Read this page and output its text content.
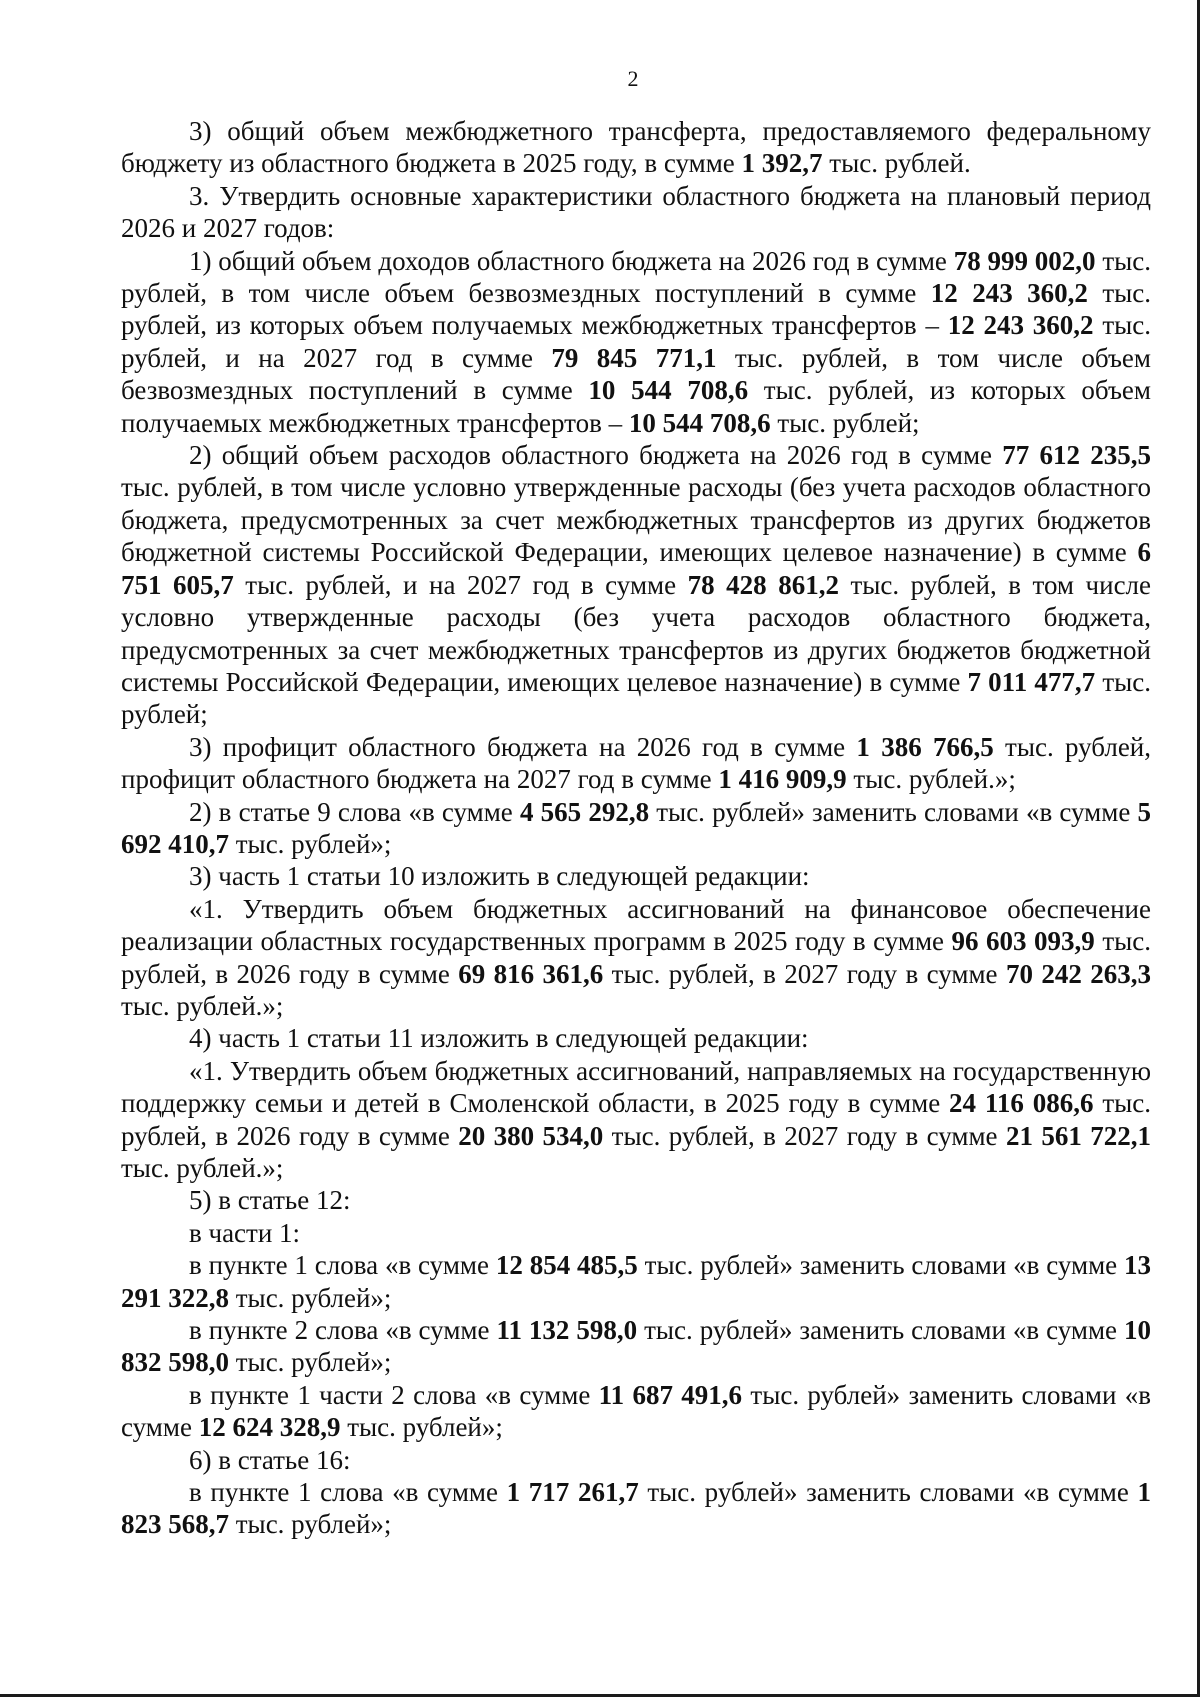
2

3) общий объем межбюджетного трансферта, предоставляемого федеральному бюджету из областного бюджета в 2025 году, в сумме 1 392,7 тыс. рублей.

3. Утвердить основные характеристики областного бюджета на плановый период 2026 и 2027 годов:

1) общий объем доходов областного бюджета на 2026 год в сумме 78 999 002,0 тыс. рублей, в том числе объем безвозмездных поступлений в сумме 12 243 360,2 тыс. рублей, из которых объем получаемых межбюджетных трансфертов – 12 243 360,2 тыс. рублей, и на 2027 год в сумме 79 845 771,1 тыс. рублей, в том числе объем безвозмездных поступлений в сумме 10 544 708,6 тыс. рублей, из которых объем получаемых межбюджетных трансфертов – 10 544 708,6 тыс. рублей;

2) общий объем расходов областного бюджета на 2026 год в сумме 77 612 235,5 тыс. рублей, в том числе условно утвержденные расходы (без учета расходов областного бюджета, предусмотренных за счет межбюджетных трансфертов из других бюджетов бюджетной системы Российской Федерации, имеющих целевое назначение) в сумме 6 751 605,7 тыс. рублей, и на 2027 год в сумме 78 428 861,2 тыс. рублей, в том числе условно утвержденные расходы (без учета расходов областного бюджета, предусмотренных за счет межбюджетных трансфертов из других бюджетов бюджетной системы Российской Федерации, имеющих целевое назначение) в сумме 7 011 477,7 тыс. рублей;

3) профицит областного бюджета на 2026 год в сумме 1 386 766,5 тыс. рублей, профицит областного бюджета на 2027 год в сумме 1 416 909,9 тыс. рублей.»;

2) в статье 9 слова «в сумме 4 565 292,8 тыс. рублей» заменить словами «в сумме 5 692 410,7 тыс. рублей»;

3) часть 1 статьи 10 изложить в следующей редакции:

«1. Утвердить объем бюджетных ассигнований на финансовое обеспечение реализации областных государственных программ в 2025 году в сумме 96 603 093,9 тыс. рублей, в 2026 году в сумме 69 816 361,6 тыс. рублей, в 2027 году в сумме 70 242 263,3 тыс. рублей.»;

4) часть 1 статьи 11 изложить в следующей редакции:

«1. Утвердить объем бюджетных ассигнований, направляемых на государственную поддержку семьи и детей в Смоленской области, в 2025 году в сумме 24 116 086,6 тыс. рублей, в 2026 году в сумме 20 380 534,0 тыс. рублей, в 2027 году в сумме 21 561 722,1 тыс. рублей.»;

5) в статье 12:

в части 1:

в пункте 1 слова «в сумме 12 854 485,5 тыс. рублей» заменить словами «в сумме 13 291 322,8 тыс. рублей»;

в пункте 2 слова «в сумме 11 132 598,0 тыс. рублей» заменить словами «в сумме 10 832 598,0 тыс. рублей»;

в пункте 1 части 2 слова «в сумме 11 687 491,6 тыс. рублей» заменить словами «в сумме 12 624 328,9 тыс. рублей»;

6) в статье 16:

в пункте 1 слова «в сумме 1 717 261,7 тыс. рублей» заменить словами «в сумме 1 823 568,7 тыс. рублей»;
